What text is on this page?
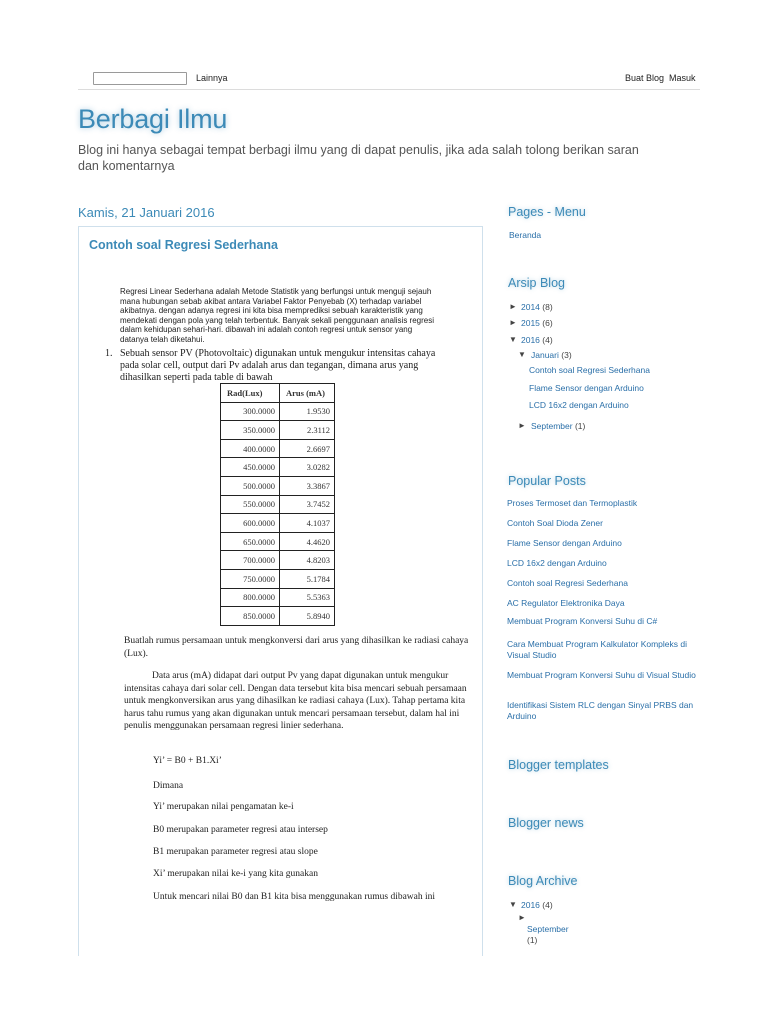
Lainnya	Buat Blog Masuk
Berbagi Ilmu
Blog ini hanya sebagai tempat berbagi ilmu yang di dapat penulis, jika ada salah tolong berikan saran dan komentarnya
Kamis, 21 Januari 2016
Contoh soal Regresi Sederhana
Regresi Linear Sederhana adalah Metode Statistik yang berfungsi untuk menguji sejauh mana hubungan sebab akibat antara Variabel Faktor Penyebab (X) terhadap variabel akibatnya. dengan adanya regresi ini kita bisa memprediksi sebuah karakteristik yang mendekati dengan pola yang telah terbentuk. Banyak sekali penggunaan analisis regresi dalam kehidupan sehari-hari. dibawah ini adalah contoh regresi untuk sensor yang datanya telah diketahui.
1. Sebuah sensor PV (Photovoltaic) digunakan untuk mengukur intensitas cahaya pada solar cell, output dari Pv adalah arus dan tegangan, dimana arus yang dihasilkan seperti pada table di bawah
Rad(Lux)	Arus (mA)
300.0000	1.9530
350.0000	2.3112
400.0000	2.6697
450.0000	3.0282
500.0000	3.3867
550.0000	3.7452
600.0000	4.1037
650.0000	4.4620
700.0000	4.8203
750.0000	5.1784
800.0000	5.5363
850.0000	5.8940
Buatlah rumus persamaan untuk mengkonversi dari arus yang dihasilkan ke radiasi cahaya (Lux).
Data arus (mA) didapat dari output Pv yang dapat digunakan untuk mengukur intensitas cahaya dari solar cell. Dengan data tersebut kita bisa mencari sebuah persamaan untuk mengkonversikan arus yang dihasilkan ke radiasi cahaya (Lux). Tahap pertama kita harus tahu rumus yang akan digunakan untuk mencari persamaan tersebut, dalam hal ini penulis menggunakan persamaan regresi linier sederhana.
Yi’ = B0 + B1.Xi’
Dimana
Yi’ merupakan nilai pengamatan ke-i
B0 merupakan parameter regresi atau intersep
B1 merupakan parameter regresi atau slope
Xi’ merupakan nilai ke-i yang kita gunakan
Untuk mencari nilai B0 dan B1 kita bisa menggunakan rumus dibawah ini
Pages - Menu
Beranda
Arsip Blog
► 2014 (8)
► 2015 (6)
▼ 2016 (4)
▼ Januari (3)
Contoh soal Regresi Sederhana
Flame Sensor dengan Arduino
LCD 16x2 dengan Arduino
► September (1)
Popular Posts
Proses Termoset dan Termoplastik
Contoh Soal Dioda Zener
Flame Sensor dengan Arduino
LCD 16x2 dengan Arduino
Contoh soal Regresi Sederhana
AC Regulator Elektronika Daya
Membuat Program Konversi Suhu di C#
Cara Membuat Program Kalkulator Kompleks di Visual Studio
Membuat Program Konversi Suhu di Visual Studio
Identifikasi Sistem RLC dengan Sinyal PRBS dan Arduino
Blogger templates
Blogger news
Blog Archive
▼ 2016 (4)
►
September
(1)
